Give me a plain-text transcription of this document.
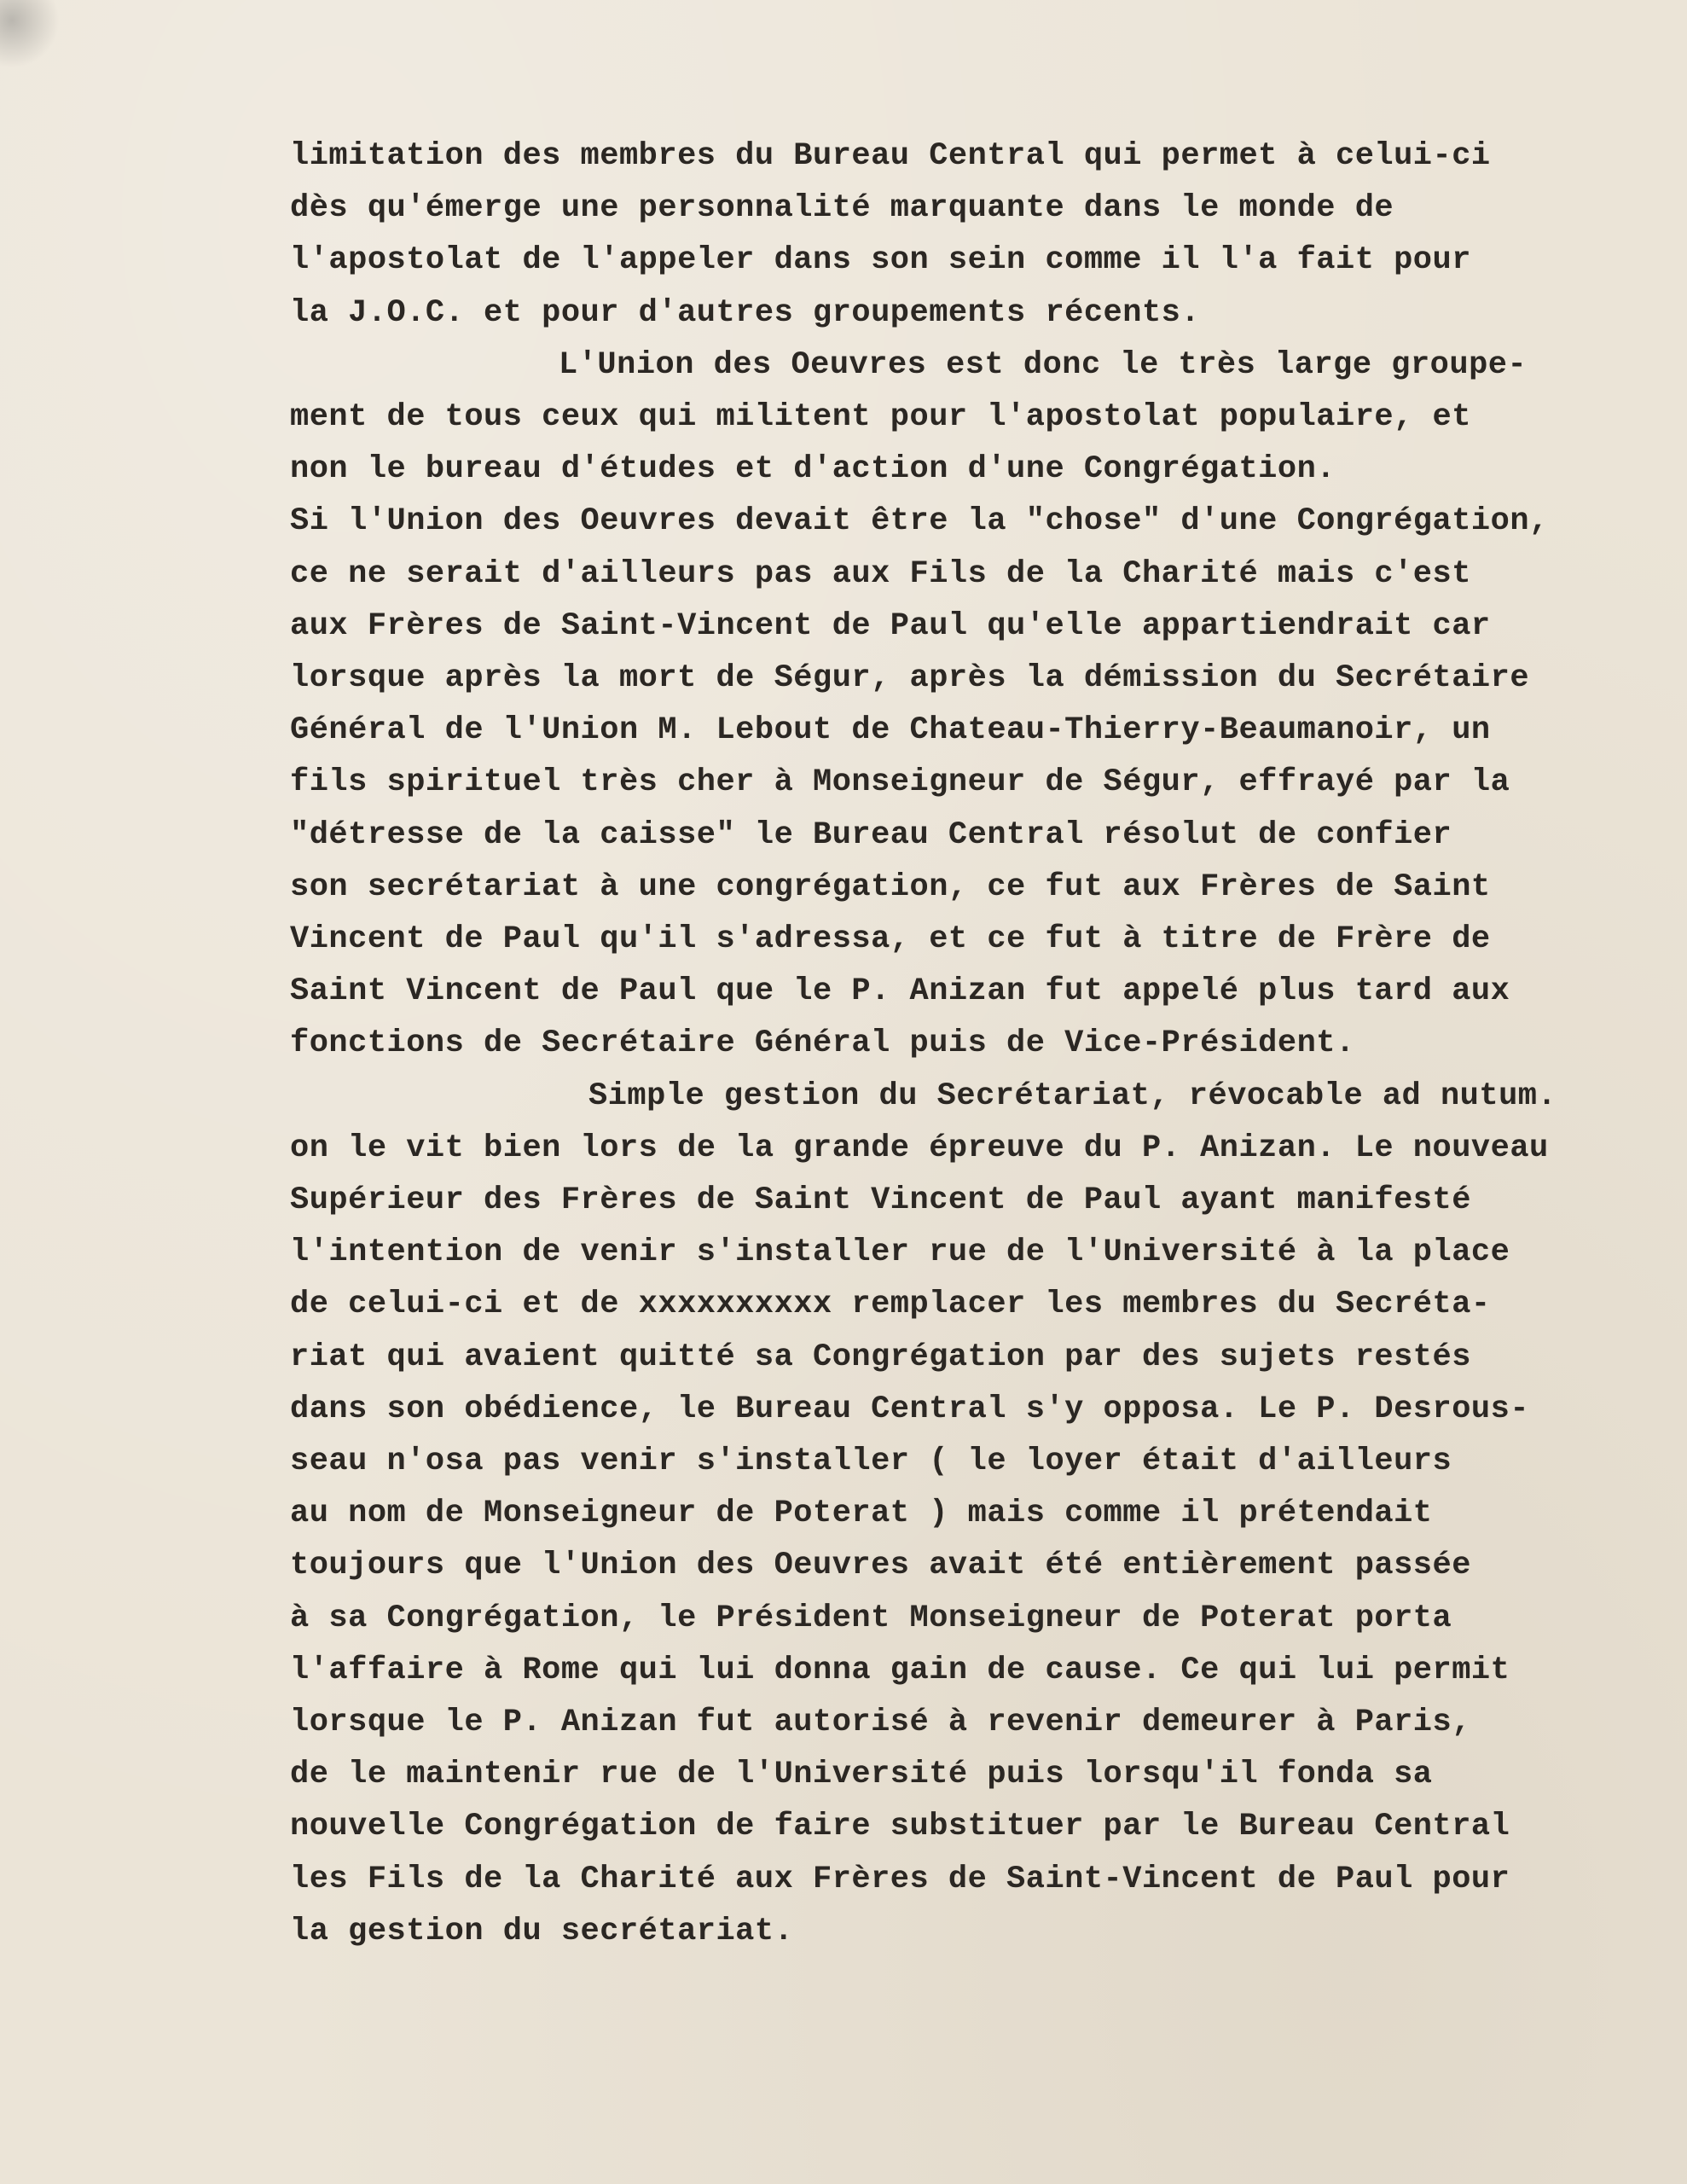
limitation des membres du Bureau Central qui permet à celui-ci
dès qu'émerge une personnalité marquante dans le monde de
l'apostolat de l'appeler dans son sein comme il l'a fait pour
la J.O.C. et pour d'autres groupements récents.
L'Union des Oeuvres est donc le très large groupe-
ment de tous ceux qui militent pour l'apostolat populaire, et
non le bureau d'études et d'action d'une Congrégation.
Si l'Union des Oeuvres devait être la "chose" d'une Congrégation,
ce ne serait d'ailleurs pas aux Fils de la Charité mais c'est
aux Frères de Saint-Vincent de Paul qu'elle appartiendrait car
lorsque après la mort de Ségur, après la démission du Secrétaire
Général de l'Union M. Lebout de Chateau-Thierry-Beaumanoir, un
fils spirituel très cher à Monseigneur de Ségur, effrayé par la
"détresse de la caisse" le Bureau Central résolut de confier
son secrétariat à une congrégation, ce fut aux Frères de Saint
Vincent de Paul qu'il s'adressa, et ce fut à titre de Frère de
Saint Vincent de Paul que le P. Anizan fut appelé plus tard aux
fonctions de Secrétaire Général puis de Vice-Président.
Simple gestion du Secrétariat, révocable ad nutum.
on le vit bien lors de la grande épreuve du P. Anizan. Le nouveau
Supérieur des Frères de Saint Vincent de Paul ayant manifesté
l'intention de venir s'installer rue de l'Université à la place
de celui-ci et de xxxxxxxxxx remplacer les membres du Secréta-
riat qui avaient quitté sa Congrégation par des sujets restés
dans son obédience, le Bureau Central s'y opposa. Le P. Desrous-
seau n'osa pas venir s'installer ( le loyer était d'ailleurs
au nom de Monseigneur de Poterat ) mais comme il prétendait
toujours que l'Union des Oeuvres avait été entièrement passée
à sa Congrégation, le Président Monseigneur de Poterat porta
l'affaire à Rome qui lui donna gain de cause. Ce qui lui permit
lorsque le P. Anizan fut autorisé à revenir demeurer à Paris,
de le maintenir rue de l'Université puis lorsqu'il fonda sa
nouvelle Congrégation de faire substituer par le Bureau Central
les Fils de la Charité aux Frères de Saint-Vincent de Paul pour
la gestion du secrétariat.
